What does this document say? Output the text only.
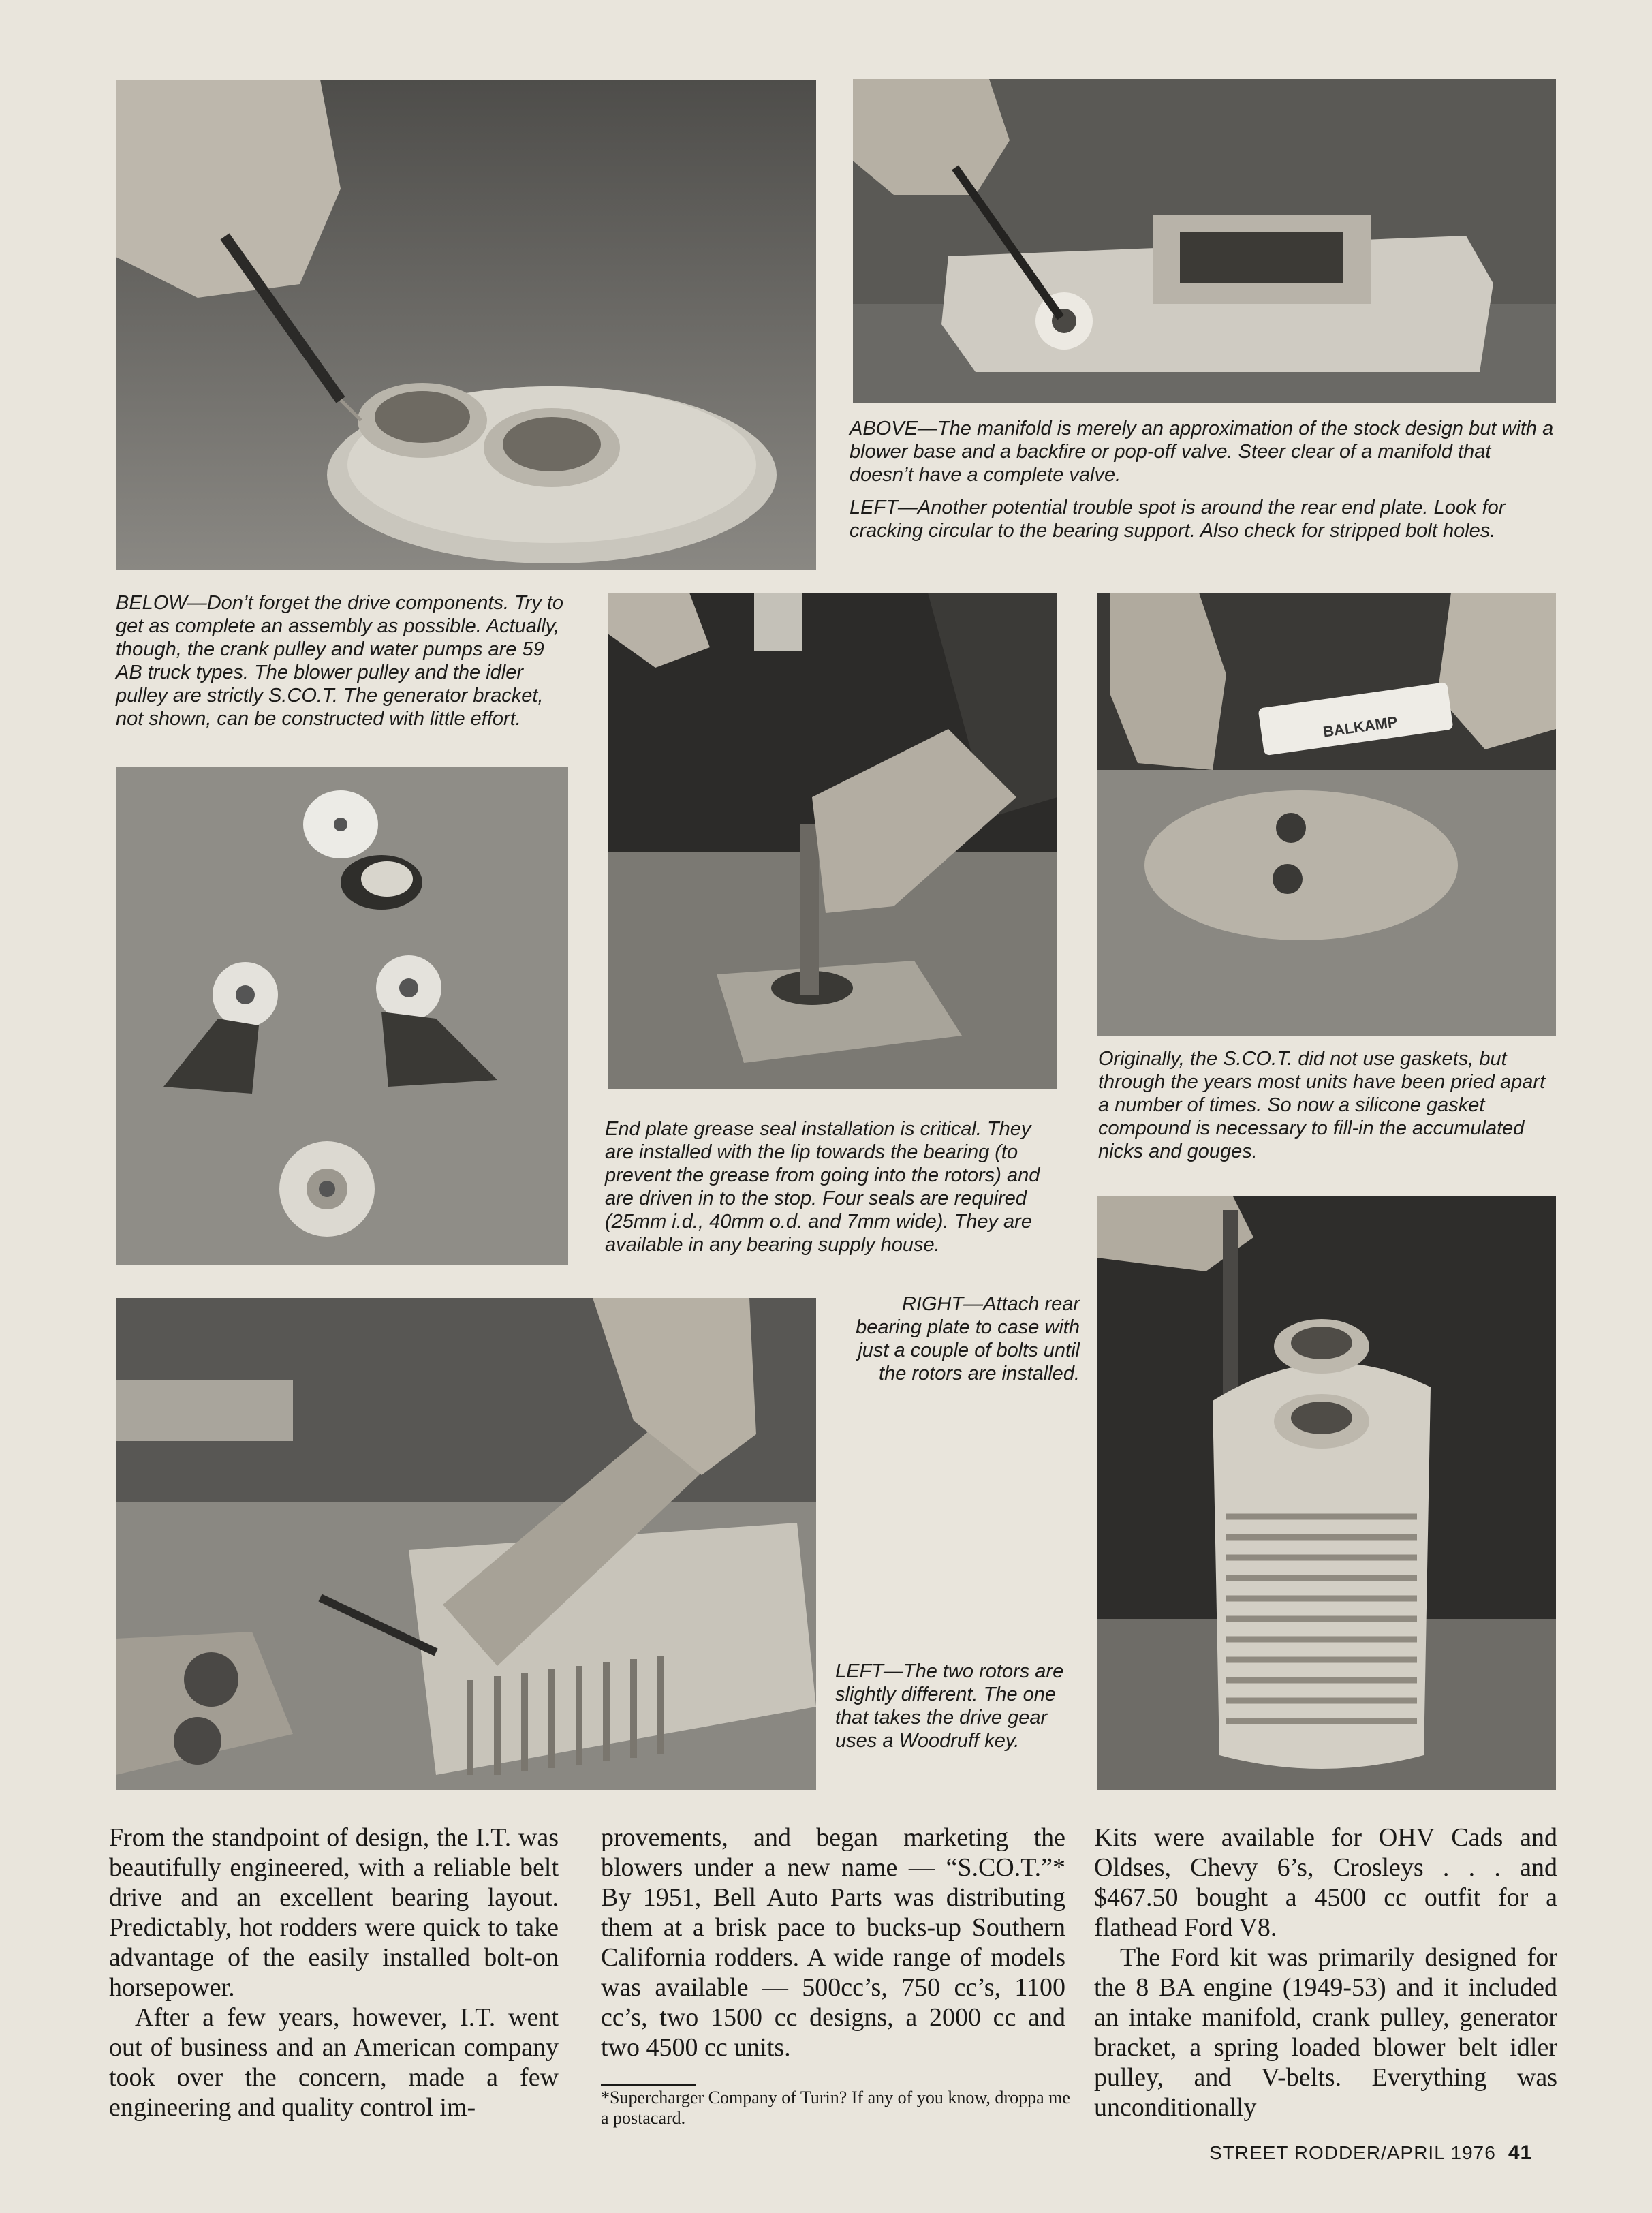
BALKAMP

ABOVE—The manifold is merely an approximation of the stock design but with a blower base and a backfire or pop-off valve. Steer clear of a manifold that doesn’t have a complete valve.

LEFT—Another potential trouble spot is around the rear end plate. Look for cracking circular to the bearing support. Also check for stripped bolt holes.

BELOW—Don’t forget the drive components. Try to get as complete an assembly as possible. Actually, though, the crank pulley and water pumps are 59 AB truck types. The blower pulley and the idler pulley are strictly S.CO.T. The generator bracket, not shown, can be constructed with little effort.

End plate grease seal installation is critical. They are installed with the lip towards the bearing (to prevent the grease from going into the rotors) and are driven in to the stop. Four seals are required (25mm i.d., 40mm o.d. and 7mm wide). They are available in any bearing supply house.

Originally, the S.CO.T. did not use gaskets, but through the years most units have been pried apart a number of times. So now a silicone gasket compound is necessary to fill-in the accumulated nicks and gouges.

RIGHT—Attach rear bearing plate to case with just a couple of bolts until the rotors are installed.

LEFT—The two rotors are slightly different. The one that takes the drive gear uses a Woodruff key.

From the standpoint of design, the I.T. was beautifully engineered, with a reliable belt drive and an excellent bearing layout. Predictably, hot rodders were quick to take advantage of the easily installed bolt-on horsepower.

After a few years, however, I.T. went out of business and an American company took over the concern, made a few engineering and quality control im-

provements, and began marketing the blowers under a new name — “S.CO.T.”* By 1951, Bell Auto Parts was distributing them at a brisk pace to bucks-up Southern California rodders. A wide range of models was available — 500cc’s, 750 cc’s, 1100 cc’s, two 1500 cc designs, a 2000 cc and two 4500 cc units.

*Supercharger Company of Turin? If any of you know, droppa me a postacard.

Kits were available for OHV Cads and Oldses, Chevy 6’s, Crosleys . . . and $467.50 bought a 4500 cc outfit for a flathead Ford V8.

The Ford kit was primarily designed for the 8 BA engine (1949-53) and it included an intake manifold, crank pulley, generator bracket, a spring loaded blower belt idler pulley, and V-belts. Everything was unconditionally

STREET RODDER/APRIL 1976 41
